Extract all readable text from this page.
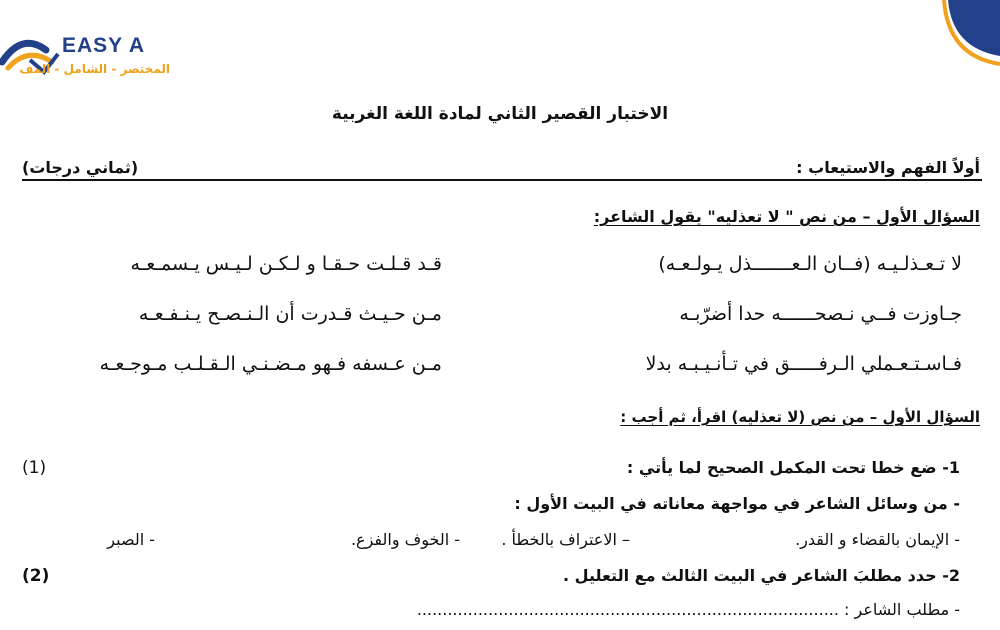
EASY A
المختصر - الشامل - المف
الاختبار القصير الثاني لمادة اللغة الغربية
أولاً الفهم والاستيعاب :
(ثماني درجات)
السؤال الأول – من نص " لا تعذليه" يقول الشاعر:
لا تـعـذلـيـه (فــان الـعـــــــذل يـولـعـه)
قـد قـلـت حـقـا و لـكـن لـيـس يـسمـعـه
جـاوزت فــي نـصحــــــه حدا أضرّبـه
مـن حـيـث قـدرت أن الـنـصـح يـنـفـعـه
فـاسـتـعـملي الـرفـــــق في تـأنـيـبـه بدلا
مـن عـسفه فـهو مـضـنـي الـقـلـب مـوجـعـه
السؤال الأول – من نص (لا تعذليه) اقرأ، ثم أجب :
1- ضع خطا تحت المكمل الصحيح لما يأتي :
(1)
- من وسائل الشاعر في مواجهة معاناته في البيت الأول :
- الإيمان بالقضاء و القدر.
– الاعتراف بالخطأ .
- الخوف والفزع.
- الصبر
2- حدد مطلبَ الشاعر في البيت الثالث مع التعليل .
(2)
- مطلب الشاعر : ...................................................................................
